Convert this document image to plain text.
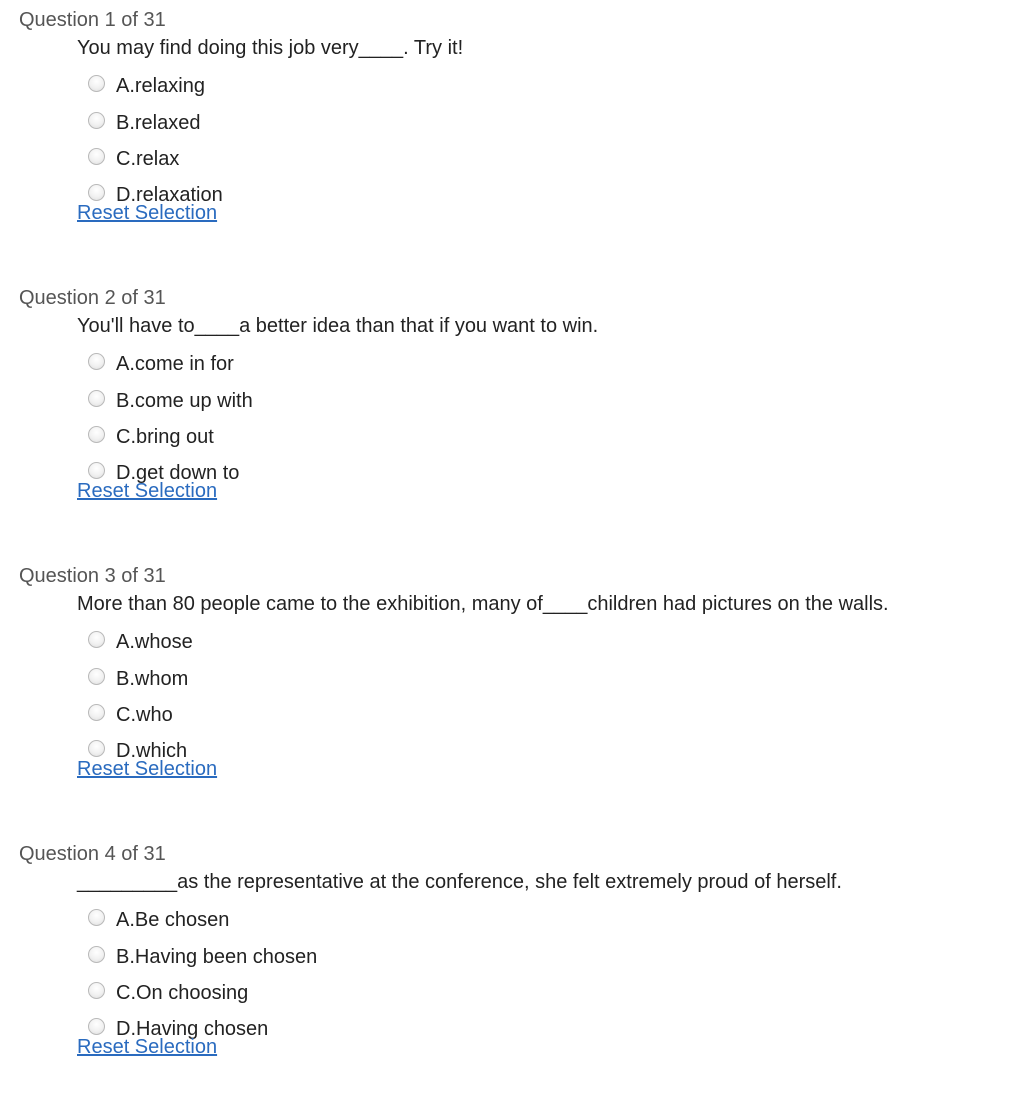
Question 1 of 31
You may find doing this job very____. Try it!
A.relaxing
B.relaxed
C.relax
D.relaxation
Reset Selection
Question 2 of 31
You'll have to____a better idea than that if you want to win.
A.come in for
B.come up with
C.bring out
D.get down to
Reset Selection
Question 3 of 31
More than 80 people came to the exhibition, many of____children had pictures on the walls.
A.whose
B.whom
C.who
D.which
Reset Selection
Question 4 of 31
_________as the representative at the conference, she felt extremely proud of herself.
A.Be chosen
B.Having been chosen
C.On choosing
D.Having chosen
Reset Selection
